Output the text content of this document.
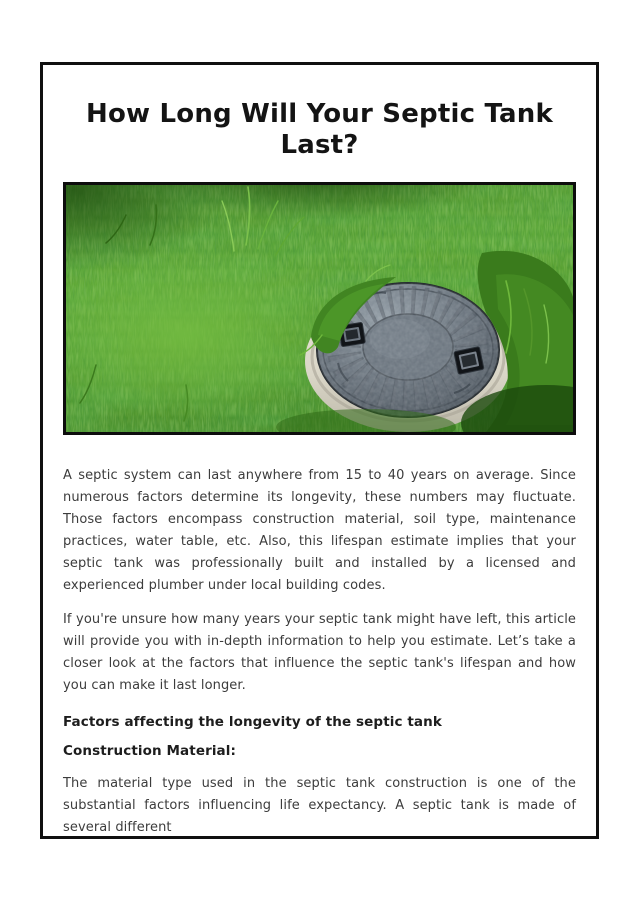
How Long Will Your Septic Tank Last?

A septic system can last anywhere from 15 to 40 years on average. Since numerous factors determine its longevity, these numbers may fluctuate. Those factors encompass construction material, soil type, maintenance practices, water table, etc. Also, this lifespan estimate implies that your septic tank was professionally built and installed by a licensed and experienced plumber under local building codes.

If you're unsure how many years your septic tank might have left, this article will provide you with in-depth information to help you estimate. Let’s take a closer look at the factors that influence the septic tank's lifespan and how you can make it last longer.

Factors affecting the longevity of the septic tank
Construction Material:

The material type used in the septic tank construction is one of the substantial factors influencing life expectancy. A septic tank is made of several different
